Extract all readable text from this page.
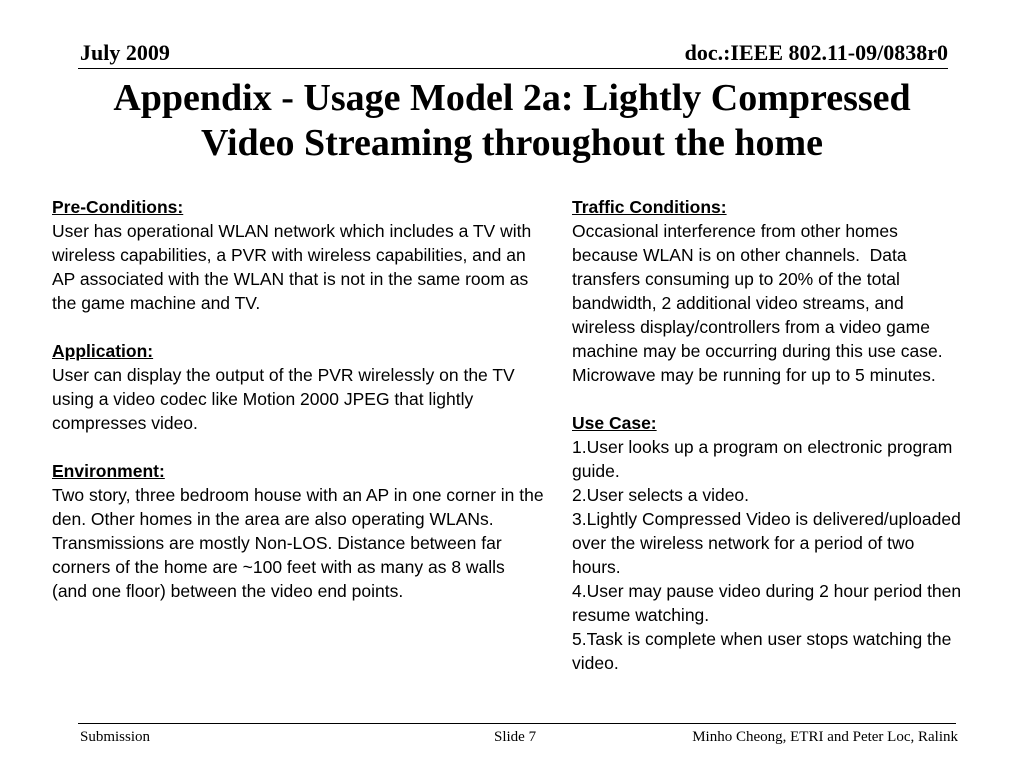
July 2009	doc.:IEEE 802.11-09/0838r0
Appendix - Usage Model 2a: Lightly Compressed
Video Streaming throughout the home
Pre-Conditions:
User has operational WLAN network which includes a TV with wireless capabilities, a PVR with wireless capabilities, and an AP associated with the WLAN that is not in the same room as the game machine and TV.
Application:
User can display the output of the PVR wirelessly on the TV using a video codec like Motion 2000 JPEG that lightly compresses video.
Environment:
Two story, three bedroom house with an AP in one corner in the den. Other homes in the area are also operating WLANs. Transmissions are mostly Non-LOS. Distance between far corners of the home are ~100 feet with as many as 8 walls (and one floor) between the video end points.
Traffic Conditions:
Occasional interference from other homes because WLAN is on other channels.  Data transfers consuming up to 20% of the total bandwidth, 2 additional video streams, and wireless display/controllers from a video game machine may be occurring during this use case. Microwave may be running for up to 5 minutes.
Use Case:
1.User looks up a program on electronic program guide.
2.User selects a video.
3.Lightly Compressed Video is delivered/uploaded over the wireless network for a period of two hours.
4.User may pause video during 2 hour period then resume watching.
5.Task is complete when user stops watching the video.
Submission	Slide 7	Minho Cheong, ETRI and Peter Loc, Ralink
